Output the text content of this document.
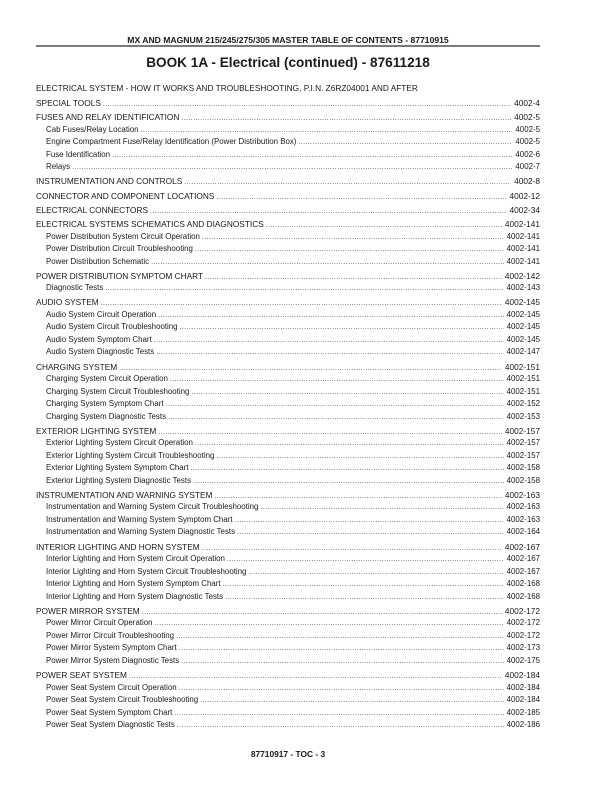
MX AND MAGNUM 215/245/275/305 MASTER TABLE OF CONTENTS - 87710915
BOOK 1A - Electrical (continued) - 87611218
ELECTRICAL SYSTEM - HOW IT WORKS AND TROUBLESHOOTING, P.I.N. Z6RZ04001 AND AFTER
SPECIAL TOOLS .....	4002-4
FUSES AND RELAY IDENTIFICATION .....	4002-5
Cab Fuses/Relay Location .....	4002-5
Engine Compartment Fuse/Relay Identification (Power Distribution Box) .....	4002-5
Fuse Identification .....	4002-6
Relays .....	4002-7
INSTRUMENTATION AND CONTROLS .....	4002-8
CONNECTOR AND COMPONENT LOCATIONS .....	4002-12
ELECTRICAL CONNECTORS .....	4002-34
ELECTRICAL SYSTEMS SCHEMATICS AND DIAGNOSTICS .....	4002-141
Power Distribution System Circuit Operation .....	4002-141
Power Distribution Circuit Troubleshooting .....	4002-141
Power Distribution Schematic .....	4002-141
POWER DISTRIBUTION SYMPTOM CHART .....	4002-142
Diagnostic Tests .....	4002-143
AUDIO SYSTEM .....	4002-145
Audio System Circuit Operation .....	4002-145
Audio System Circuit Troubleshooting .....	4002-145
Audio System Symptom Chart .....	4002-145
Audio System Diagnostic Tests .....	4002-147
CHARGING SYSTEM .....	4002-151
Charging System Circuit Operation .....	4002-151
Charging System Circuit Troubleshooting .....	4002-151
Charging System Symptom Chart .....	4002-152
Charging System Diagnostic Tests .....	4002-153
EXTERIOR LIGHTING SYSTEM .....	4002-157
Exterior Lighting System Circuit Operation .....	4002-157
Exterior Lighting System Circuit Troubleshooting .....	4002-157
Exterior Lighting System Symptom Chart .....	4002-158
Exterior Lighting System Diagnostic Tests .....	4002-158
INSTRUMENTATION AND WARNING SYSTEM .....	4002-163
Instrumentation and Warning System Circuit Troubleshooting .....	4002-163
Instrumentation and Warning System Symptom Chart .....	4002-163
Instrumentation and Warning System Diagnostic Tests .....	4002-164
INTERIOR LIGHTING AND HORN SYSTEM .....	4002-167
Interior Lighting and Horn System Circuit Operation .....	4002-167
Interior Lighting and Horn System Circuit Troubleshooting .....	4002-167
Interior Lighting and Horn System Symptom Chart .....	4002-168
Interior Lighting and Horn System Diagnostic Tests .....	4002-168
POWER MIRROR SYSTEM .....	4002-172
Power Mirror Circuit Operation .....	4002-172
Power Mirror Circuit Troubleshooting .....	4002-172
Power Mirror System Symptom Chart .....	4002-173
Power Mirror System Diagnostic Tests .....	4002-175
POWER SEAT SYSTEM .....	4002-184
Power Seat System Circuit Operation .....	4002-184
Power Seat System Circuit Troubleshooting .....	4002-184
Power Seat System Symptom Chart .....	4002-185
Power Seat System Diagnostic Tests .....	4002-186
87710917 - TOC - 3
